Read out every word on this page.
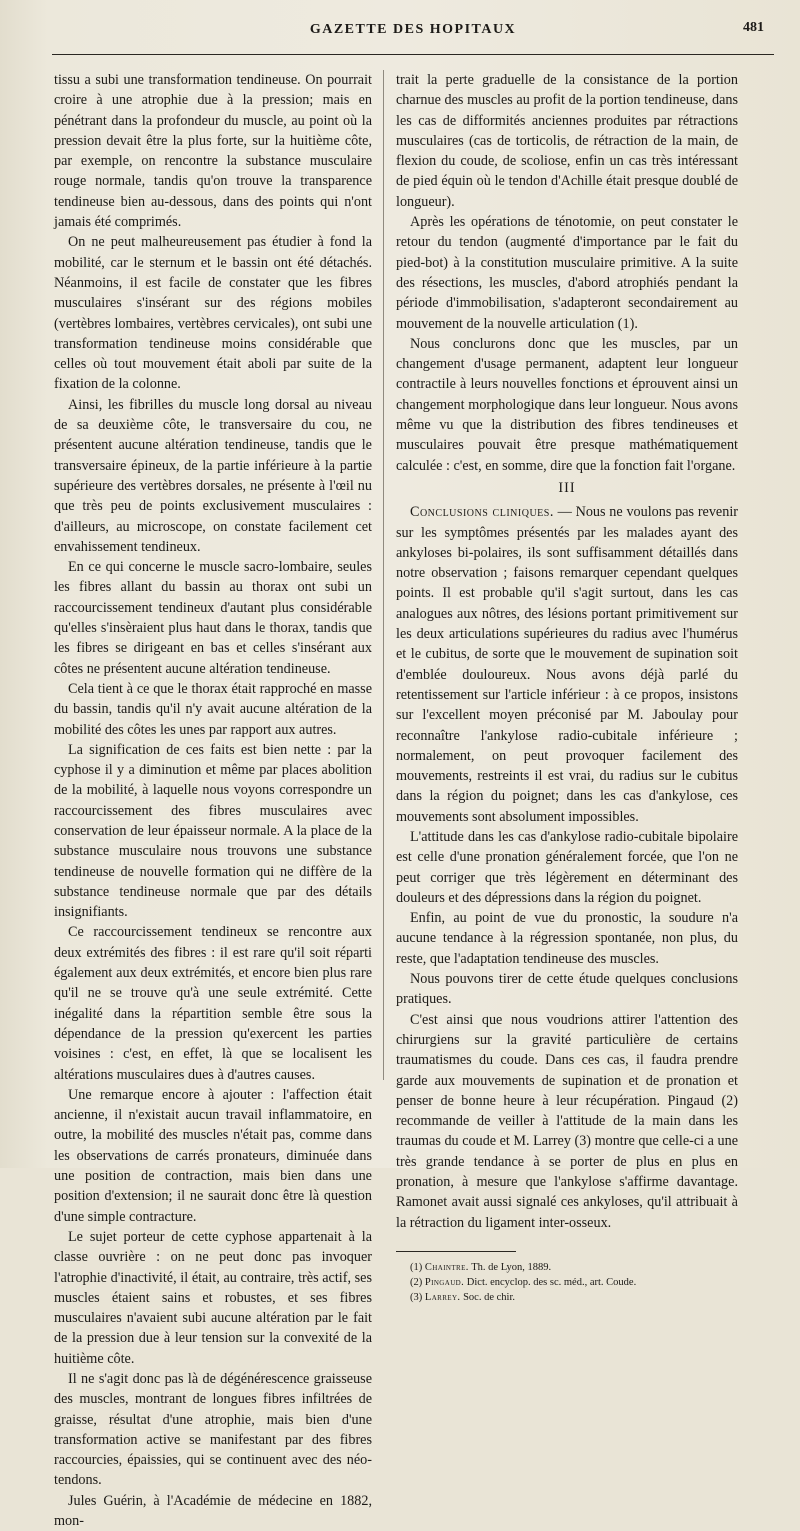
GAZETTE DES HOPITAUX	481

tissu a subi une transformation tendineuse. On pourrait croire à une atrophie due à la pression; mais en pénétrant dans la profondeur du muscle, au point où la pression devait être la plus forte, sur la huitième côte, par exemple, on rencontre la substance musculaire rouge normale, tandis qu'on trouve la transparence tendineuse bien au-dessous, dans des points qui n'ont jamais été comprimés.

On ne peut malheureusement pas étudier à fond la mobilité, car le sternum et le bassin ont été détachés. Néanmoins, il est facile de constater que les fibres musculaires s'insérant sur des régions mobiles (vertèbres lombaires, vertèbres cervicales), ont subi une transformation tendineuse moins considérable que celles où tout mouvement était aboli par suite de la fixation de la colonne.

Ainsi, les fibrilles du muscle long dorsal au niveau de sa deuxième côte, le transversaire du cou, ne présentent aucune altération tendineuse, tandis que le transversaire épineux, de la partie inférieure à la partie supérieure des vertèbres dorsales, ne présente à l'œil nu que très peu de points exclusivement musculaires : d'ailleurs, au microscope, on constate facilement cet envahissement tendineux.

En ce qui concerne le muscle sacro-lombaire, seules les fibres allant du bassin au thorax ont subi un raccourcissement tendineux d'autant plus considérable qu'elles s'insèraient plus haut dans le thorax, tandis que les fibres se dirigeant en bas et celles s'insérant aux côtes ne présentent aucune altération tendineuse.

Cela tient à ce que le thorax était rapproché en masse du bassin, tandis qu'il n'y avait aucune altération de la mobilité des côtes les unes par rapport aux autres.

La signification de ces faits est bien nette : par la cyphose il y a diminution et même par places abolition de la mobilité, à laquelle nous voyons correspondre un raccourcissement des fibres musculaires avec conservation de leur épaisseur normale. A la place de la substance musculaire nous trouvons une substance tendineuse de nouvelle formation qui ne diffère de la substance tendineuse normale que par des détails insignifiants.

Ce raccourcissement tendineux se rencontre aux deux extrémités des fibres : il est rare qu'il soit réparti également aux deux extrémités, et encore bien plus rare qu'il ne se trouve qu'à une seule extrémité. Cette inégalité dans la répartition semble être sous la dépendance de la pression qu'exercent les parties voisines : c'est, en effet, là que se localisent les altérations musculaires dues à d'autres causes.

Une remarque encore à ajouter : l'affection était ancienne, il n'existait aucun travail inflammatoire, en outre, la mobilité des muscles n'était pas, comme dans les observations de carrés pronateurs, diminuée dans une position de contraction, mais bien dans une position d'extension; il ne saurait donc être là question d'une simple contracture.

Le sujet porteur de cette cyphose appartenait à la classe ouvrière : on ne peut donc pas invoquer l'atrophie d'inactivité, il était, au contraire, très actif, ses muscles étaient sains et robustes, et ses fibres musculaires n'avaient subi aucune altération par le fait de la pression due à leur tension sur la convexité de la huitième côte.

Il ne s'agit donc pas là de dégénérescence graisseuse des muscles, montrant de longues fibres infiltrées de graisse, résultat d'une atrophie, mais bien d'une transformation active se manifestant par des fibres raccourcies, épaissies, qui se continuent avec des néo-tendons.

Jules Guérin, à l'Académie de médecine en 1882, mon-

trait la perte graduelle de la consistance de la portion charnue des muscles au profit de la portion tendineuse, dans les cas de difformités anciennes produites par rétractions musculaires (cas de torticolis, de rétraction de la main, de flexion du coude, de scoliose, enfin un cas très intéressant de pied équin où le tendon d'Achille était presque doublé de longueur).

Après les opérations de ténotomie, on peut constater le retour du tendon (augmenté d'importance par le fait du pied-bot) à la constitution musculaire primitive. A la suite des résections, les muscles, d'abord atrophiés pendant la période d'immobilisation, s'adapteront secondairement au mouvement de la nouvelle articulation (1).

Nous conclurons donc que les muscles, par un changement d'usage permanent, adaptent leur longueur contractile à leurs nouvelles fonctions et éprouvent ainsi un changement morphologique dans leur longueur. Nous avons même vu que la distribution des fibres tendineuses et musculaires pouvait être presque mathématiquement calculée : c'est, en somme, dire que la fonction fait l'organe.

III

Conclusions cliniques. — Nous ne voulons pas revenir sur les symptômes présentés par les malades ayant des ankyloses bi-polaires, ils sont suffisamment détaillés dans notre observation ; faisons remarquer cependant quelques points. Il est probable qu'il s'agit surtout, dans les cas analogues aux nôtres, des lésions portant primitivement sur les deux articulations supérieures du radius avec l'humérus et le cubitus, de sorte que le mouvement de supination soit d'emblée douloureux. Nous avons déjà parlé du retentissement sur l'article inférieur : à ce propos, insistons sur l'excellent moyen préconisé par M. Jaboulay pour reconnaître l'ankylose radio-cubitale inférieure ; normalement, on peut provoquer facilement des mouvements, restreints il est vrai, du radius sur le cubitus dans la région du poignet; dans les cas d'ankylose, ces mouvements sont absolument impossibles.

L'attitude dans les cas d'ankylose radio-cubitale bipolaire est celle d'une pronation généralement forcée, que l'on ne peut corriger que très légèrement en déterminant des douleurs et des dépressions dans la région du poignet.

Enfin, au point de vue du pronostic, la soudure n'a aucune tendance à la régression spontanée, non plus, du reste, que l'adaptation tendineuse des muscles.

Nous pouvons tirer de cette étude quelques conclusions pratiques.

C'est ainsi que nous voudrions attirer l'attention des chirurgiens sur la gravité particulière de certains traumatismes du coude. Dans ces cas, il faudra prendre garde aux mouvements de supination et de pronation et penser de bonne heure à leur récupération. Pingaud (2) recommande de veiller à l'attitude de la main dans les traumas du coude et M. Larrey (3) montre que celle-ci a une très grande tendance à se porter de plus en plus en pronation, à mesure que l'ankylose s'affirme davantage. Ramonet avait aussi signalé ces ankyloses, qu'il attribuait à la rétraction du ligament inter-osseux.

(1) Chaintre. Th. de Lyon, 1889.

(2) Pingaud. Dict. encyclop. des sc. méd., art. Coude.

(3) Larrey. Soc. de chir.
